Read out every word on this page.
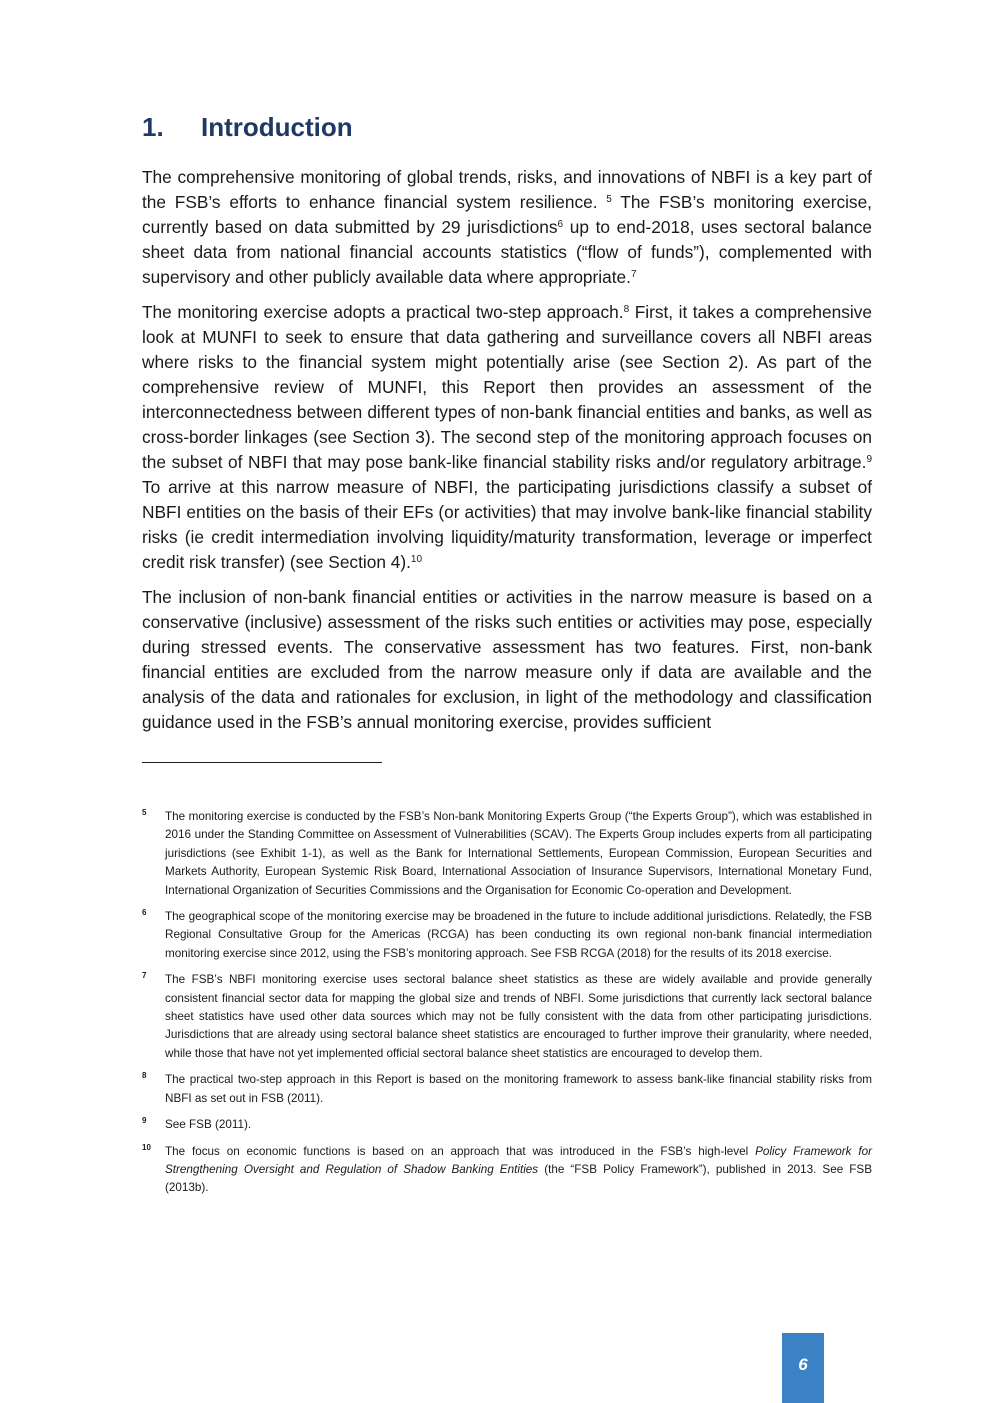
1. Introduction

The comprehensive monitoring of global trends, risks, and innovations of NBFI is a key part of the FSB’s efforts to enhance financial system resilience. $^5$ The FSB’s monitoring exercise, currently based on data submitted by 29 jurisdictions$^6$ up to end-2018, uses sectoral balance sheet data from national financial accounts statistics (“flow of funds”), complemented with supervisory and other publicly available data where appropriate.$^7$

The monitoring exercise adopts a practical two-step approach.$^8$ First, it takes a comprehensive look at MUNFI to seek to ensure that data gathering and surveillance covers all NBFI areas where risks to the financial system might potentially arise (see Section 2). As part of the comprehensive review of MUNFI, this Report then provides an assessment of the interconnectedness between different types of non-bank financial entities and banks, as well as cross-border linkages (see Section 3). The second step of the monitoring approach focuses on the subset of NBFI that may pose bank-like financial stability risks and/or regulatory arbitrage.$^9$ To arrive at this narrow measure of NBFI, the participating jurisdictions classify a subset of NBFI entities on the basis of their EFs (or activities) that may involve bank-like financial stability risks (ie credit intermediation involving liquidity/maturity transformation, leverage or imperfect credit risk transfer) (see Section 4).$^{10}$

The inclusion of non-bank financial entities or activities in the narrow measure is based on a conservative (inclusive) assessment of the risks such entities or activities may pose, especially during stressed events. The conservative assessment has two features. First, non-bank financial entities are excluded from the narrow measure only if data are available and the analysis of the data and rationales for exclusion, in light of the methodology and classification guidance used in the FSB’s annual monitoring exercise, provides sufficient

5 The monitoring exercise is conducted by the FSB’s Non-bank Monitoring Experts Group (“the Experts Group”), which was established in 2016 under the Standing Committee on Assessment of Vulnerabilities (SCAV). The Experts Group includes experts from all participating jurisdictions (see Exhibit 1-1), as well as the Bank for International Settlements, European Commission, European Securities and Markets Authority, European Systemic Risk Board, International Association of Insurance Supervisors, International Monetary Fund, International Organization of Securities Commissions and the Organisation for Economic Co-operation and Development.
6 The geographical scope of the monitoring exercise may be broadened in the future to include additional jurisdictions. Relatedly, the FSB Regional Consultative Group for the Americas (RCGA) has been conducting its own regional non-bank financial intermediation monitoring exercise since 2012, using the FSB’s monitoring approach. See FSB RCGA (2018) for the results of its 2018 exercise.
7 The FSB’s NBFI monitoring exercise uses sectoral balance sheet statistics as these are widely available and provide generally consistent financial sector data for mapping the global size and trends of NBFI. Some jurisdictions that currently lack sectoral balance sheet statistics have used other data sources which may not be fully consistent with the data from other participating jurisdictions. Jurisdictions that are already using sectoral balance sheet statistics are encouraged to further improve their granularity, where needed, while those that have not yet implemented official sectoral balance sheet statistics are encouraged to develop them.
8 The practical two-step approach in this Report is based on the monitoring framework to assess bank-like financial stability risks from NBFI as set out in FSB (2011).
9 See FSB (2011).
10 The focus on economic functions is based on an approach that was introduced in the FSB’s high-level Policy Framework for Strengthening Oversight and Regulation of Shadow Banking Entities (the “FSB Policy Framework”), published in 2013. See FSB (2013b).
6
